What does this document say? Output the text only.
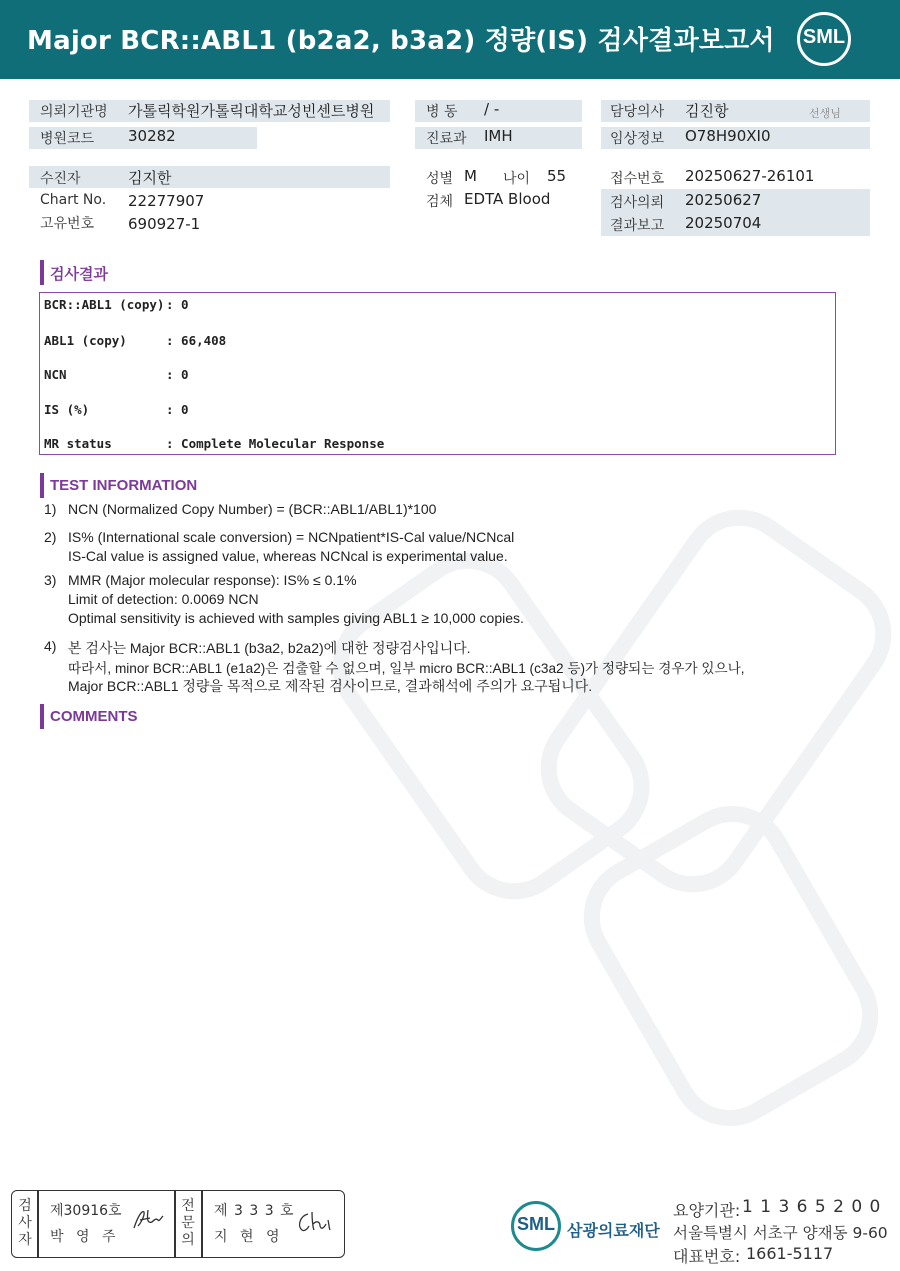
Major BCR::ABL1 (b2a2, b3a2) 정량(IS) 검사결과보고서 SML
의뢰기관명 가톨릭학원가톨릭대학교성빈센트병원
병원코드 30282
병 동 / -
진료과 IMH
담당의사 김진항	선생님
임상정보 O78H90XI0
수진자	김지한
Chart No. 22277907
고유번호 690927-1
성별 M 나이 55
검체 EDTA Blood
접수번호 20250627-26101
검사의뢰 20250627
결과보고 20250704
검사결과
BCR::ABL1 (copy) : 0
ABL1 (copy)	: 66,408
NCN	: 0
IS (%)	: 0
MR status	: Complete Molecular Response
TEST INFORMATION
1) NCN (Normalized Copy Number) = (BCR::ABL1/ABL1)*100
2) IS% (International scale conversion) = NCNpatient*IS-Cal value/NCNcal
IS-Cal value is assigned value, whereas NCNcal is experimental value.
3) MMR (Major molecular response): IS% ≤ 0.1%
Limit of detection: 0.0069 NCN
Optimal sensitivity is achieved with samples giving ABL1 ≥ 10,000 copies.
4) 본 검사는 Major BCR::ABL1 (b3a2, b2a2)에 대한 정량검사입니다.
따라서, minor BCR::ABL1 (e1a2)은 검출할 수 없으며, 일부 micro BCR::ABL1 (c3a2 등)가 정량되는 경우가 있으나,
Major BCR::ABL1 정량을 목적으로 제작된 검사이므로, 결과해석에 주의가 요구됩니다.
COMMENTS
검
사
자
제30916호
박 영 주
전
문
의
제 3 3 3 호
지 현 영
SML 삼광의료재단
요양기관: 1 1 3 6 5 2 0 0
서울특별시 서초구 양재동 9-60
대표번호: 1661-5117
